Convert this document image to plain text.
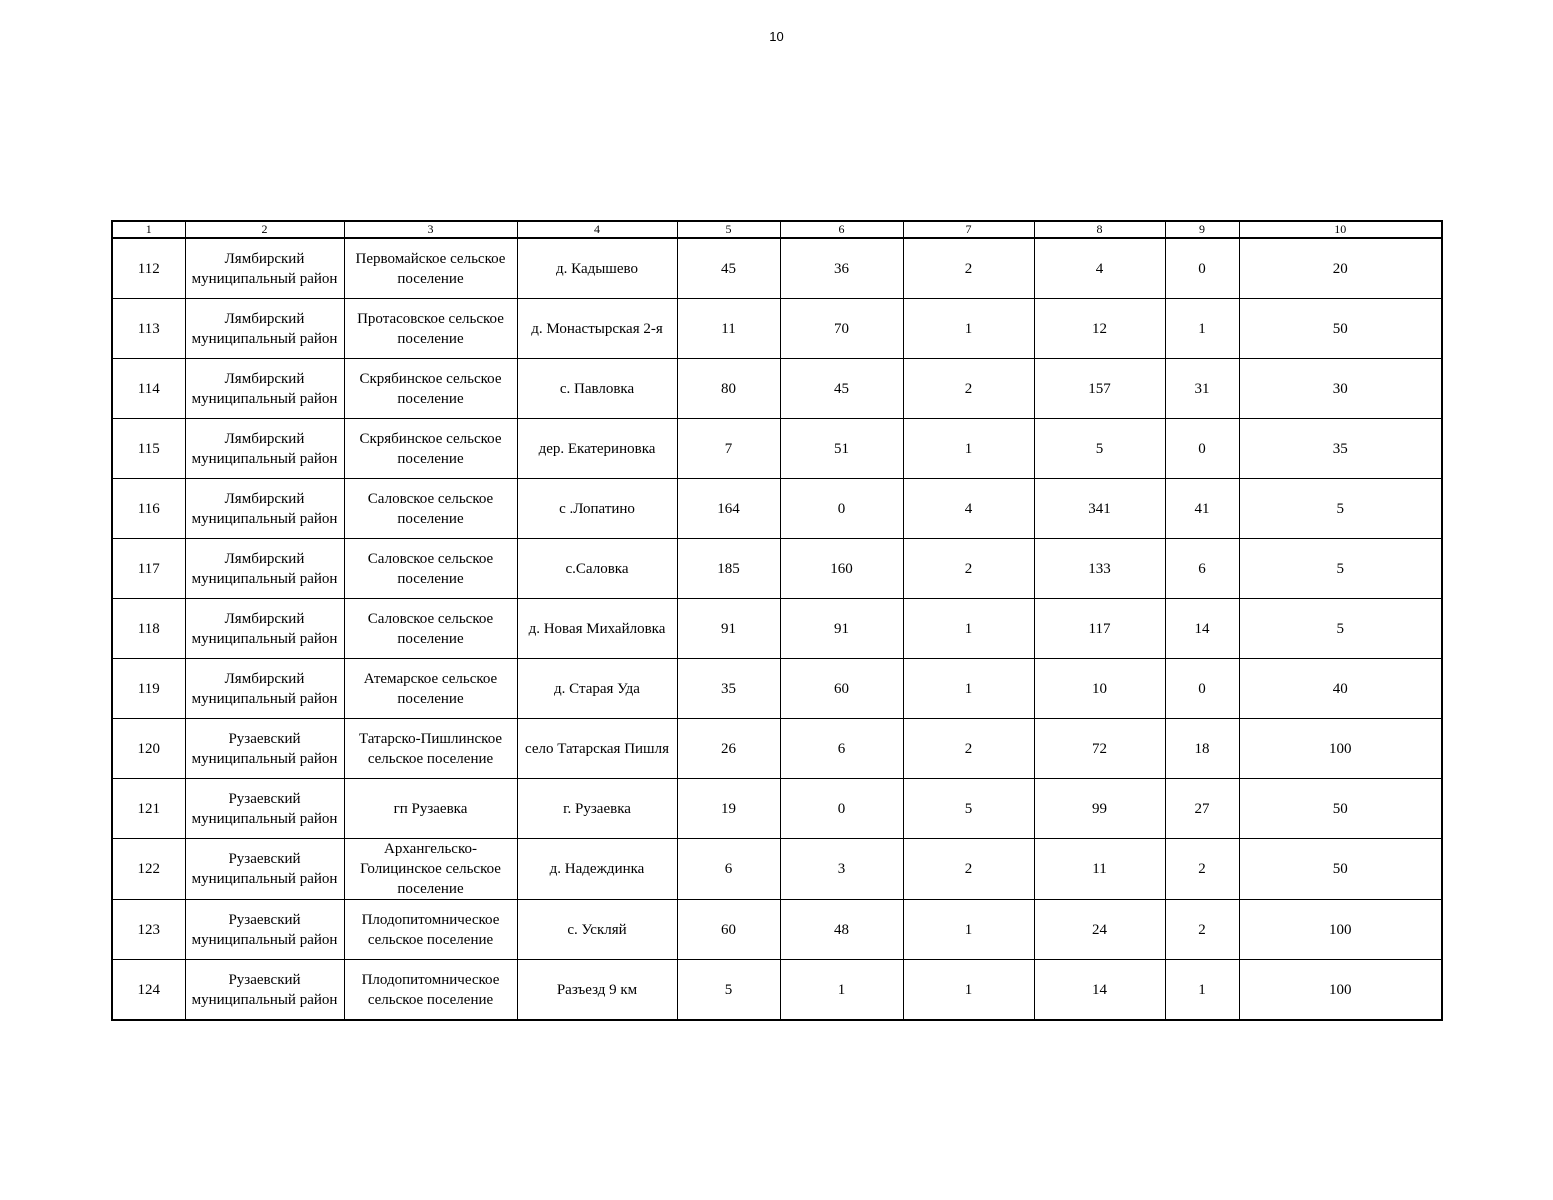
10
1	2	3	4	5	6	7	8	9	10
112	Лямбирский муниципальный район	Первомайское сельское поселение	д. Кадышево	45	36	2	4	0	20
113	Лямбирский муниципальный район	Протасовское сельское поселение	д. Монастырская 2-я	11	70	1	12	1	50
114	Лямбирский муниципальный район	Скрябинское сельское поселение	с. Павловка	80	45	2	157	31	30
115	Лямбирский муниципальный район	Скрябинское сельское поселение	дер. Екатериновка	7	51	1	5	0	35
116	Лямбирский муниципальный район	Саловское сельское поселение	с .Лопатино	164	0	4	341	41	5
117	Лямбирский муниципальный район	Саловское сельское поселение	с.Саловка	185	160	2	133	6	5
118	Лямбирский муниципальный район	Саловское сельское поселение	д. Новая Михайловка	91	91	1	117	14	5
119	Лямбирский муниципальный район	Атемарское сельское поселение	д. Старая Уда	35	60	1	10	0	40
120	Рузаевский муниципальный район	Татарско-Пишлинское сельское поселение	село Татарская Пишля	26	6	2	72	18	100
121	Рузаевский муниципальный район	гп Рузаевка	г. Рузаевка	19	0	5	99	27	50
122	Рузаевский муниципальный район	Архангельско-Голицинское сельское поселение	д. Надеждинка	6	3	2	11	2	50
123	Рузаевский муниципальный район	Плодопитомническое сельское поселение	с. Ускляй	60	48	1	24	2	100
124	Рузаевский муниципальный район	Плодопитомническое сельское поселение	Разъезд 9 км	5	1	1	14	1	100
